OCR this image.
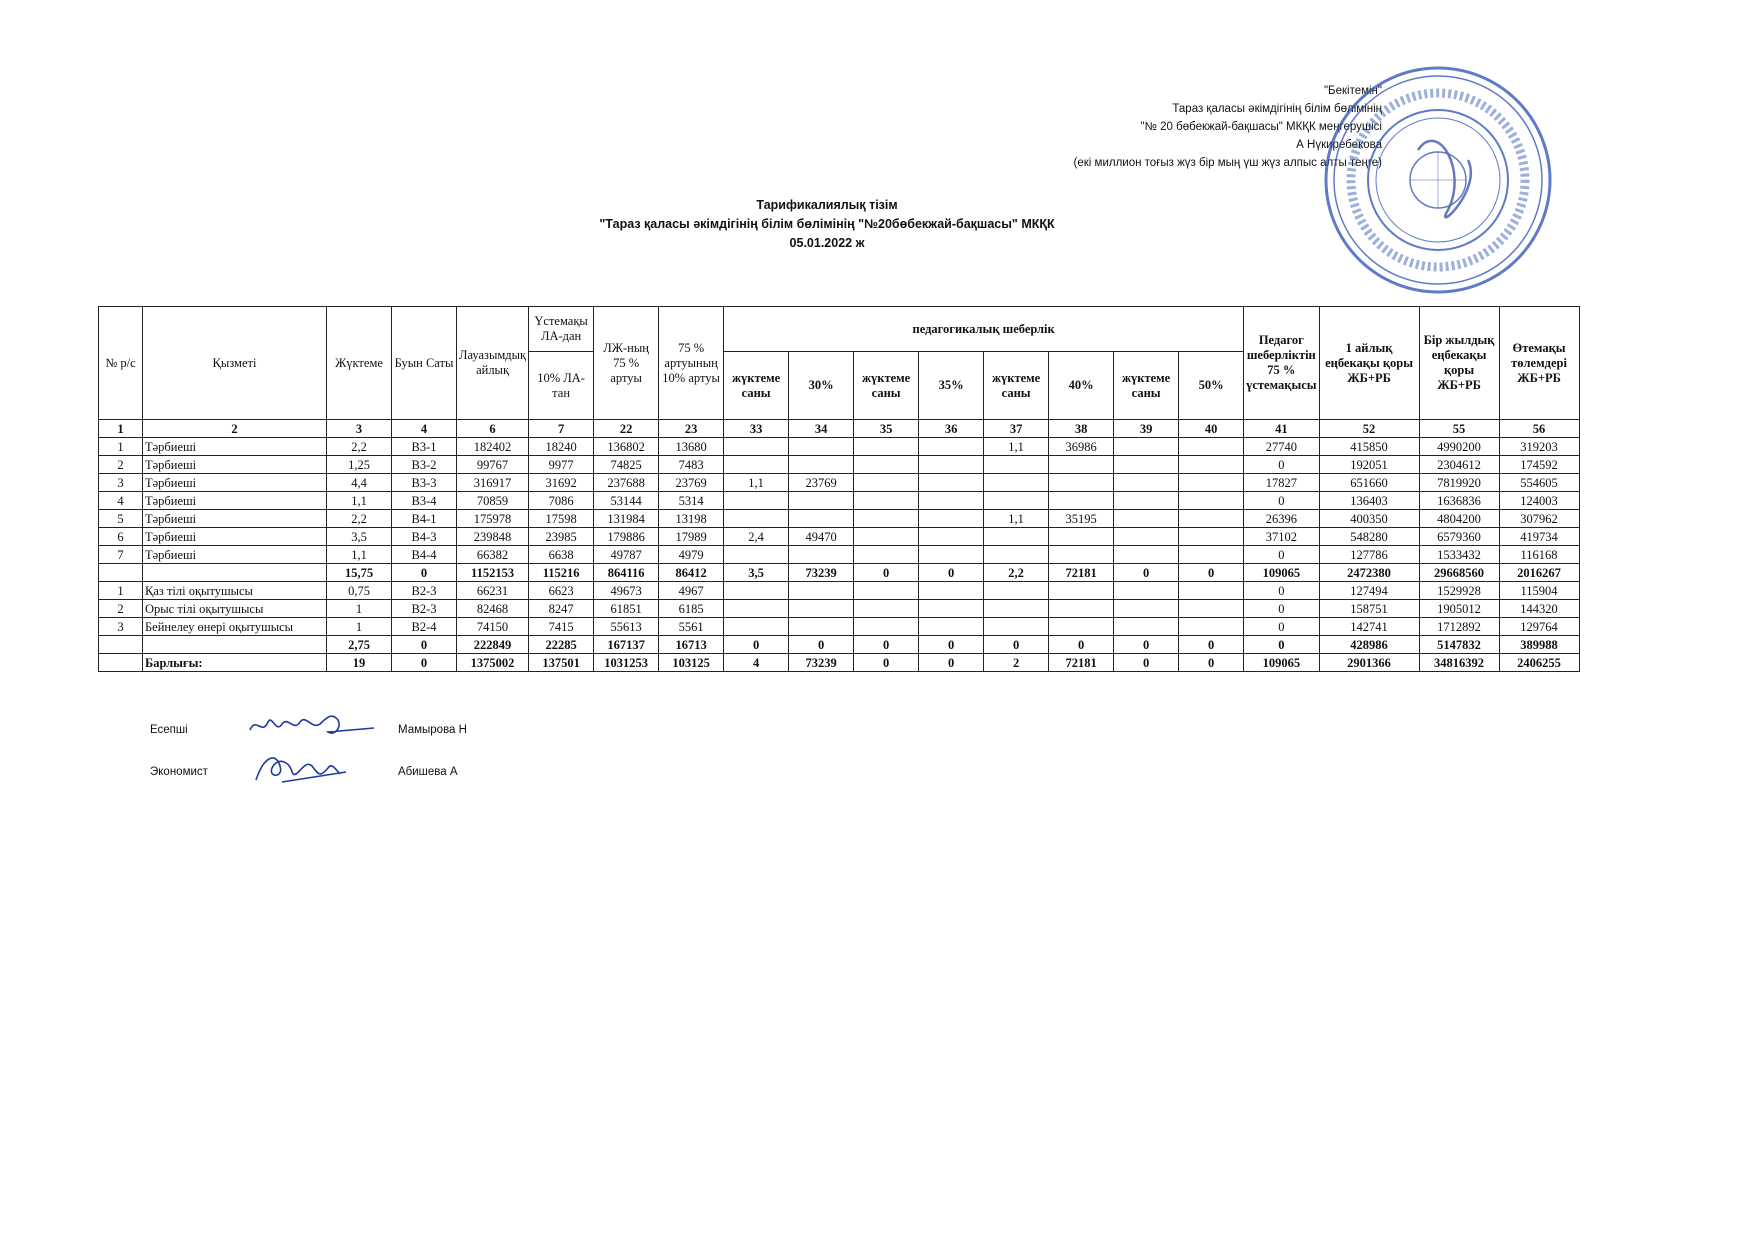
"Бекітемін"
Тараз қаласы әкімдігінің білім бөлімінің
"№ 20 бөбекжай-бақшасы" МКҚК меңгерушісі
А Нүкиребекова
(екі миллион тоғыз жүз бір мың үш жүз алпыс алты теңге)
Тарификалиялық тізім
"Тараз қаласы әкімдігінің білім бөлімінің "№20бөбекжай-бақшасы" МКҚК
05.01.2022 ж
№ р/с	Қызметі	Жүктеме	Буын Саты	Лауазымдық айлық	Үстемақы ЛА-дан	ЛЖ-ның 75 % артуы	75 % артуының 10% артуы	педагогикалық шеберлік								Педагог шеберліктін 75 % үстемақысы	1 айлық еңбекақы қоры ЖБ+РБ	Бір жылдық еңбекақы қоры ЖБ+РБ	Өтемақы төлемдері ЖБ+РБ
					10% ЛА-тан			жүктеме саны	30%	жүктеме саны	35%	жүктеме саны	40%	жүктеме саны	50%				
1	2	3	4	6	7	22	23	33	34	35	36	37	38	39	40	41	52	55	56
1	Тәрбиеші	2,2	В3-1	182402	18240	136802	13680					1,1	36986			27740	415850	4990200	319203
2	Тәрбиеші	1,25	В3-2	99767	9977	74825	7483									0	192051	2304612	174592
3	Тәрбиеші	4,4	В3-3	316917	31692	237688	23769	1,1	23769							17827	651660	7819920	554605
4	Тәрбиеші	1,1	В3-4	70859	7086	53144	5314									0	136403	1636836	124003
5	Тәрбиеші	2,2	В4-1	175978	17598	131984	13198					1,1	35195			26396	400350	4804200	307962
6	Тәрбиеші	3,5	В4-3	239848	23985	179886	17989	2,4	49470							37102	548280	6579360	419734
7	Тәрбиеші	1,1	В4-4	66382	6638	49787	4979									0	127786	1533432	116168
		15,75	0	1152153	115216	864116	86412	3,5	73239	0	0	2,2	72181	0	0	109065	2472380	29668560	2016267
1	Қаз тілі оқытушысы	0,75	В2-3	66231	6623	49673	4967									0	127494	1529928	115904
2	Орыс тілі оқытушысы	1	В2-3	82468	8247	61851	6185									0	158751	1905012	144320
3	Бейнелеу өнері оқытушысы	1	В2-4	74150	7415	55613	5561									0	142741	1712892	129764
		2,75	0	222849	22285	167137	16713	0	0	0	0	0	0	0	0	0	428986	5147832	389988
	Барлығы:	19	0	1375002	137501	1031253	103125	4	73239	0	0	2	72181	0	0	109065	2901366	34816392	2406255
Есепші	Мамырова Н
Экономист	Абишева А
